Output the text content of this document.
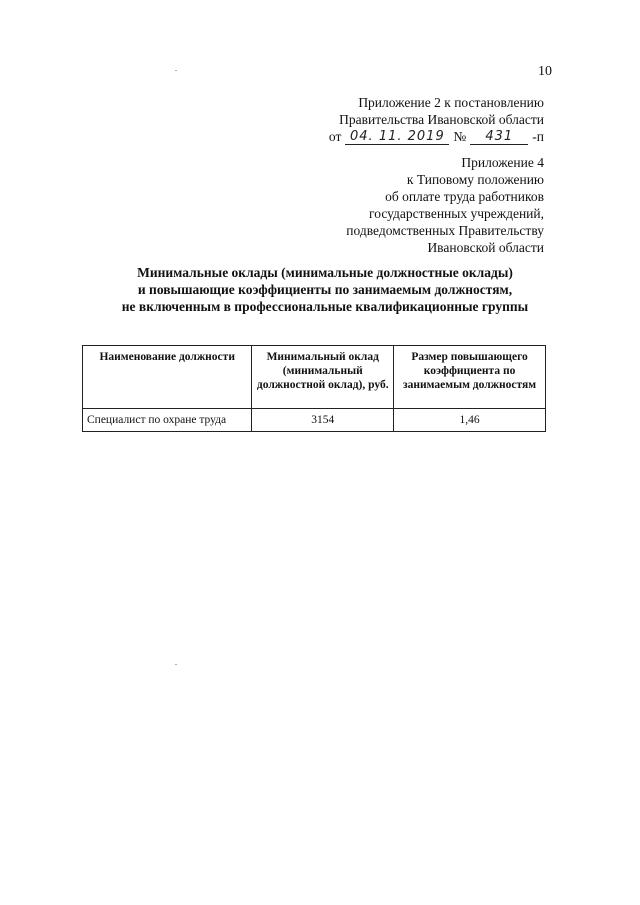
10
Приложение 2 к постановлению
Правительства Ивановской области
от 04. 11. 2019 №	431	-п
Приложение 4
к Типовому положению
об оплате труда работников
государственных учреждений,
подведомственных Правительству
Ивановской области
Минимальные оклады (минимальные должностные оклады)
и повышающие коэффициенты по занимаемым должностям,
не включенным в профессиональные квалификационные группы
Наименование должности	Минимальный оклад (минимальный должностной оклад), руб.	Размер повышающего коэффициента по занимаемым должностям
Специалист по охране труда	3154	1,46
